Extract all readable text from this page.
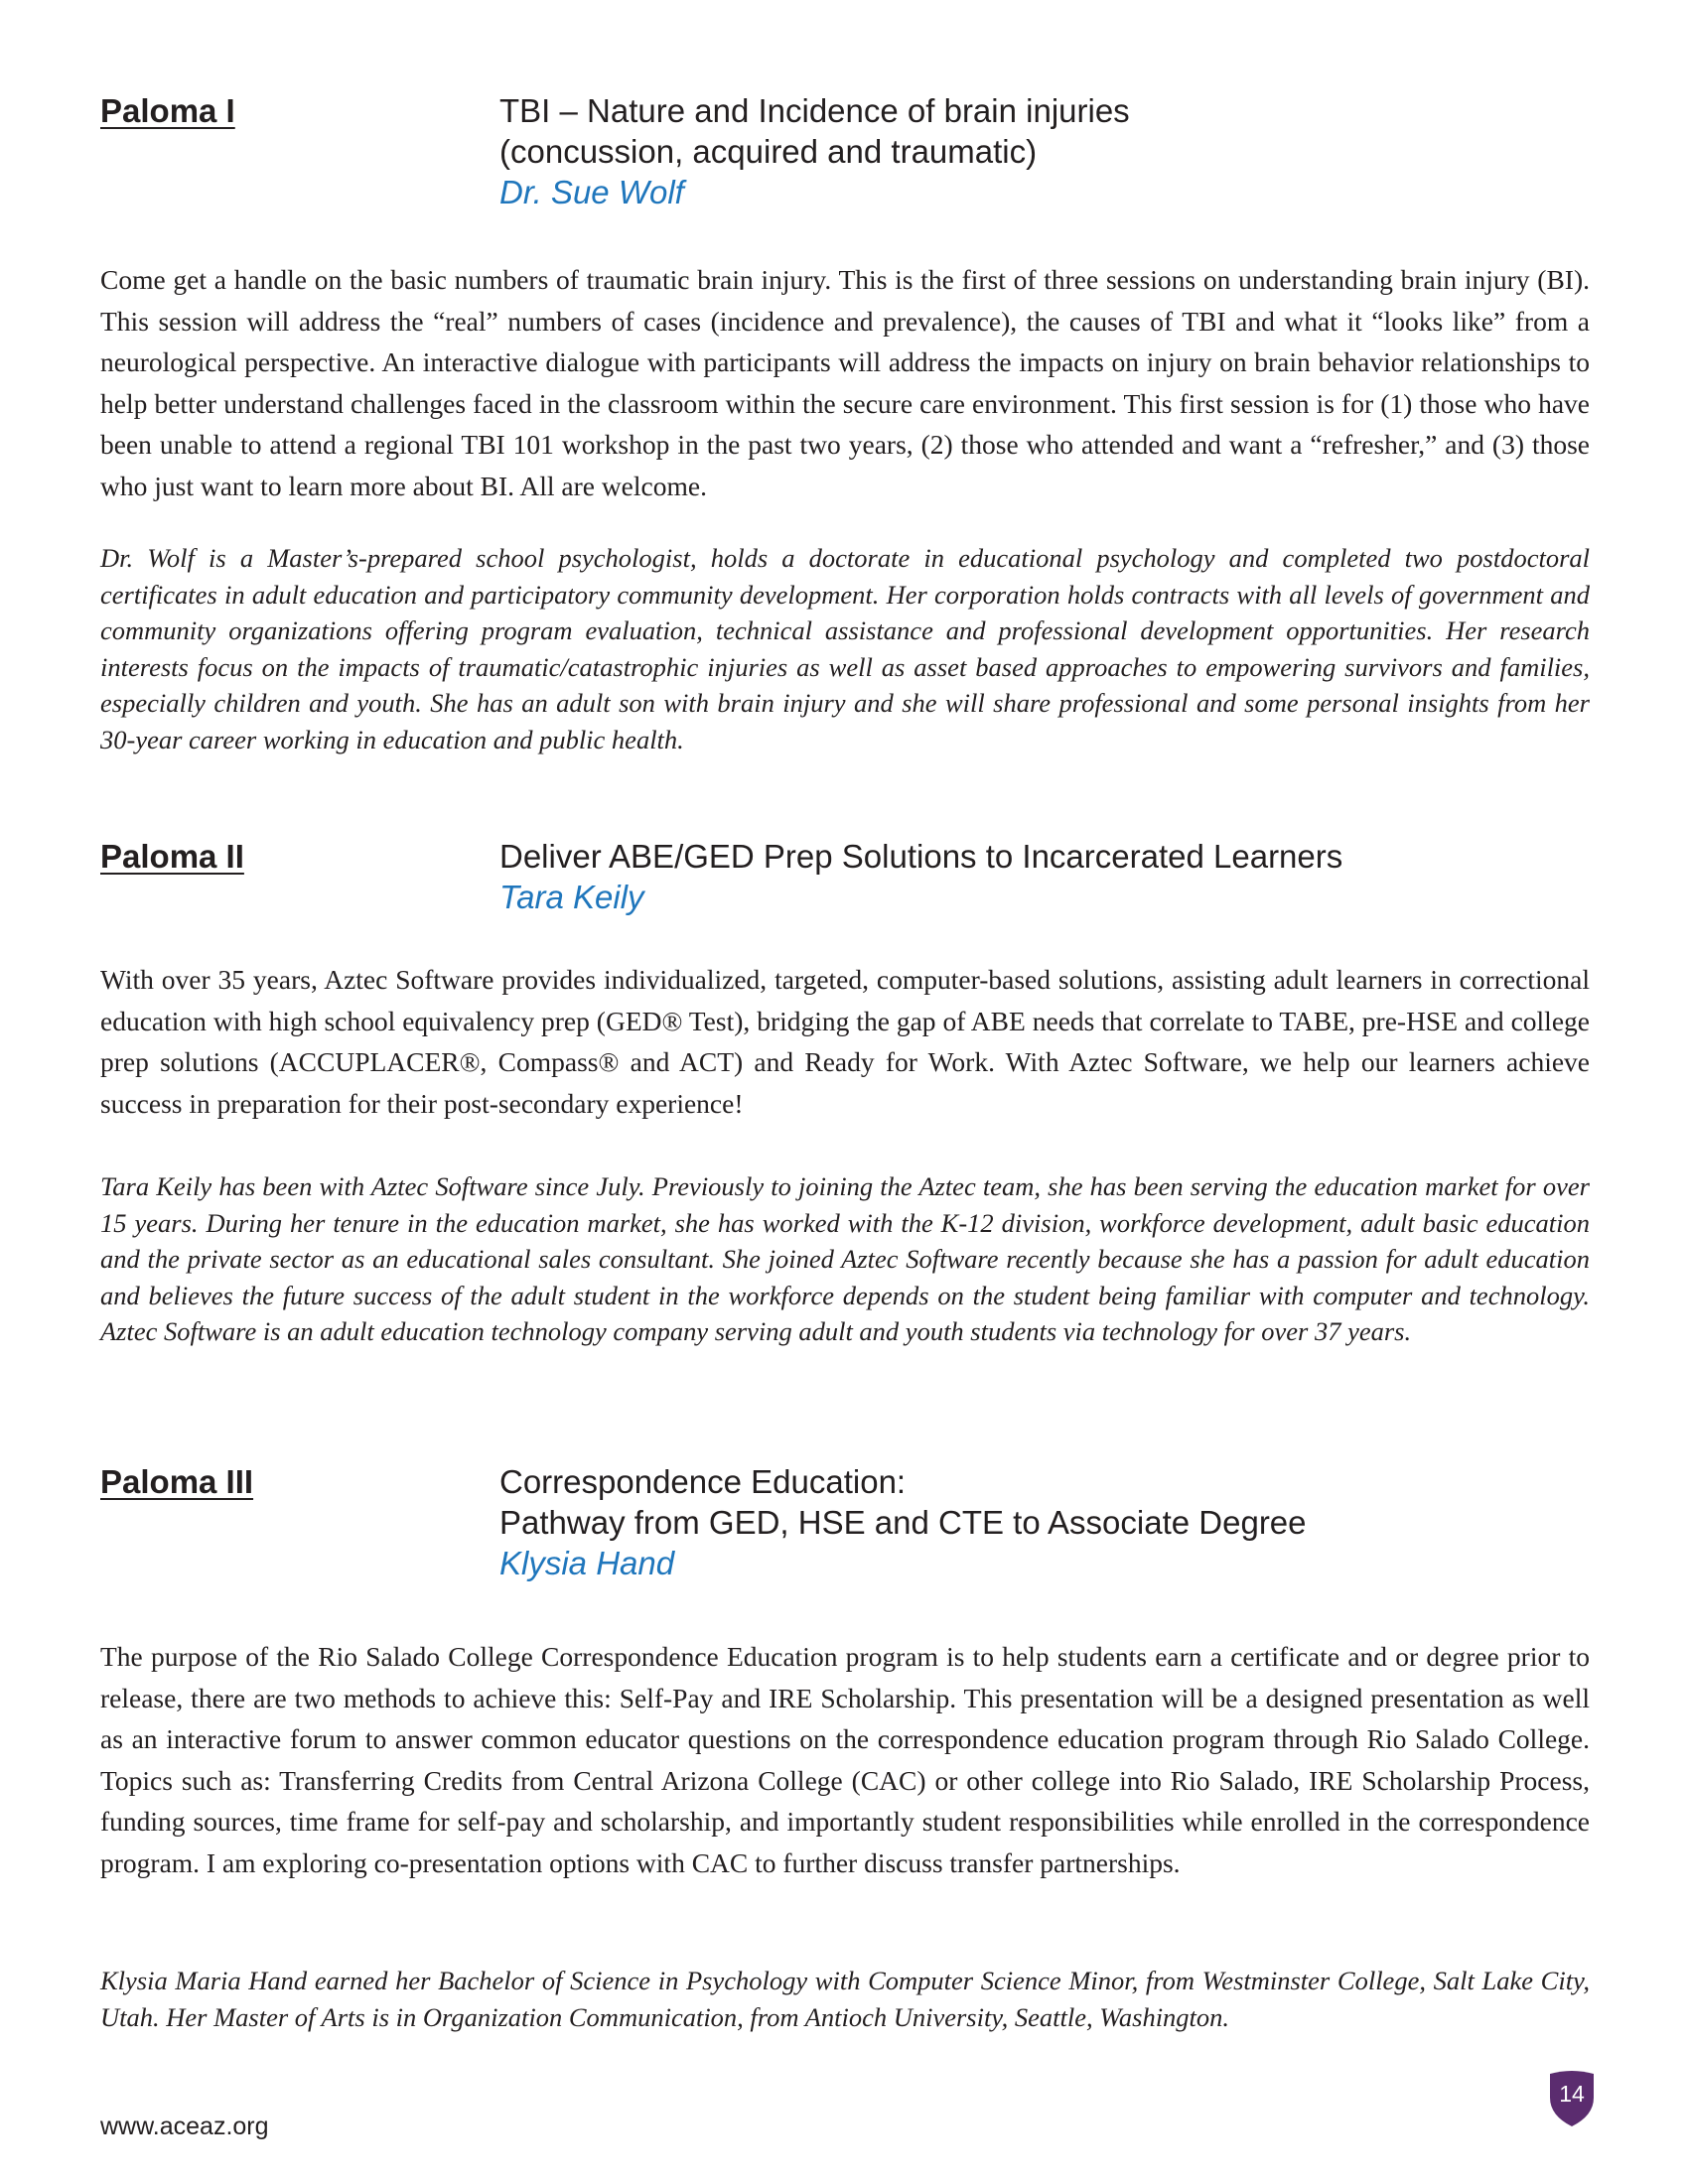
Paloma I	TBI – Nature and Incidence of brain injuries

(concussion, acquired and traumatic)

Dr. Sue Wolf

Come get a handle on the basic numbers of traumatic brain injury. This is the first of three sessions on understanding brain injury (BI). This session will address the “real” numbers of cases (incidence and prevalence), the causes of TBI and what it “looks like” from a neurological perspective. An interactive dialogue with participants will address the impacts on injury on brain behavior relationships to help better understand challenges faced in the classroom within the secure care environment. This first session is for (1) those who have been unable to attend a regional TBI 101 workshop in the past two years, (2) those who attended and want a “refresher,” and (3) those who just want to learn more about BI. All are welcome.

Dr. Wolf is a Master’s-prepared school psychologist, holds a doctorate in educational psychology and completed two postdoctoral certificates in adult education and participatory community development. Her corporation holds contracts with all levels of government and community organizations offering program evaluation, technical assistance and professional development opportunities. Her research interests focus on the impacts of traumatic/catastrophic injuries as well as asset based approaches to empowering survivors and families, especially children and youth. She has an adult son with brain injury and she will share professional and some personal insights from her 30-year career working in education and public health.

Paloma II	Deliver ABE/GED Prep Solutions to Incarcerated Learners

Tara Keily

With over 35 years, Aztec Software provides individualized, targeted, computer-based solutions, assisting adult learners in correctional education with high school equivalency prep (GED® Test), bridging the gap of ABE needs that correlate to TABE, pre-HSE and college prep solutions (ACCUPLACER®, Compass® and ACT) and Ready for Work. With Aztec Software, we help our learners achieve success in preparation for their post-secondary experience!

Tara Keily has been with Aztec Software since July. Previously to joining the Aztec team, she has been serving the education market for over 15 years. During her tenure in the education market, she has worked with the K-12 division, workforce development, adult basic education and the private sector as an educational sales consultant. She joined Aztec Software recently because she has a passion for adult education and believes the future success of the adult student in the workforce depends on the student being familiar with computer and technology. Aztec Software is an adult education technology company serving adult and youth students via technology for over 37 years.

Paloma III	Correspondence Education:

Pathway from GED, HSE and CTE to Associate Degree

Klysia Hand

The purpose of the Rio Salado College Correspondence Education program is to help students earn a certificate and or degree prior to release, there are two methods to achieve this: Self-Pay and IRE Scholarship. This presentation will be a designed presentation as well as an interactive forum to answer common educator questions on the correspondence education program through Rio Salado College. Topics such as: Transferring Credits from Central Arizona College (CAC) or other college into Rio Salado, IRE Scholarship Process, funding sources, time frame for self-pay and scholarship, and importantly student responsibilities while enrolled in the correspondence program. I am exploring co-presentation options with CAC to further discuss transfer partnerships.

Klysia Maria Hand earned her Bachelor of Science in Psychology with Computer Science Minor, from Westminster College, Salt Lake City, Utah. Her Master of Arts is in Organization Communication, from Antioch University, Seattle, Washington.

www.aceaz.org

14
